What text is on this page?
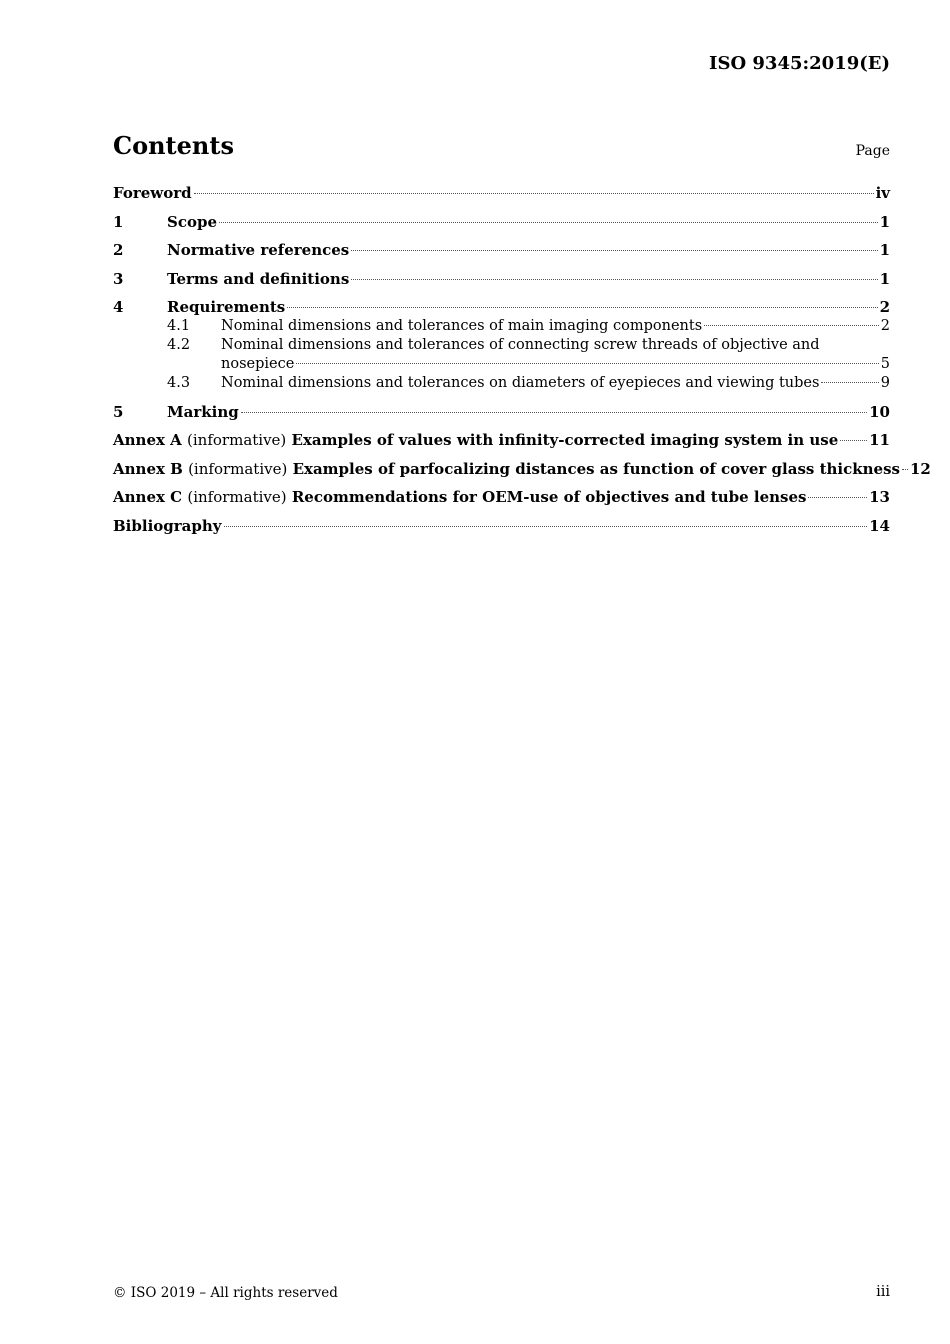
ISO 9345:2019(E)
Contents	Page
Foreword	iv
1	Scope	1
2	Normative references	1
3	Terms and definitions	1
4	Requirements	2
4.1	Nominal dimensions and tolerances of main imaging components	2
4.2	Nominal dimensions and tolerances of connecting screw threads of objective and
nosepiece	5
4.3	Nominal dimensions and tolerances on diameters of eyepieces and viewing tubes	9
5	Marking	10
Annex A (informative) Examples of values with infinity-corrected imaging system in use 11
Annex B (informative) Examples of parfocalizing distances as function of cover glass thickness 12
Annex C (informative) Recommendations for OEM-use of objectives and tube lenses	13
Bibliography	14
© ISO 2019 – All rights reserved	iii
